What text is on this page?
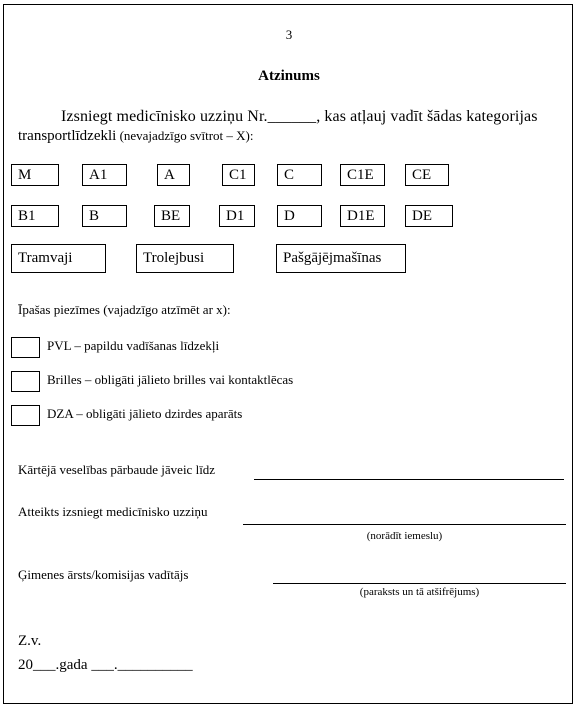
3
Atzinums
Izsniegt medicīnisko uzziņu Nr.______, kas atļauj vadīt šādas kategorijas
transportlīdzekli (nevajadzīgo svītrot – X):
M	A1	A	C1	C	C1E	CE
B1	B	BE	D1	D	D1E	DE
Tramvaji	Trolejbusi	Pašgājējmašīnas
Īpašas piezīmes (vajadzīgo atzīmēt ar x):
PVL – papildu vadīšanas līdzekļi
Brilles – obligāti jālieto brilles vai kontaktlēcas
DZA – obligāti jālieto dzirdes aparāts
Kārtējā veselības pārbaude jāveic līdz
Atteikts izsniegt medicīnisko uzziņu
(norādīt iemeslu)
Ģimenes ārsts/komisijas vadītājs
(paraksts un tā atšifrējums)
Z.v.
20___.gada ___.__________
